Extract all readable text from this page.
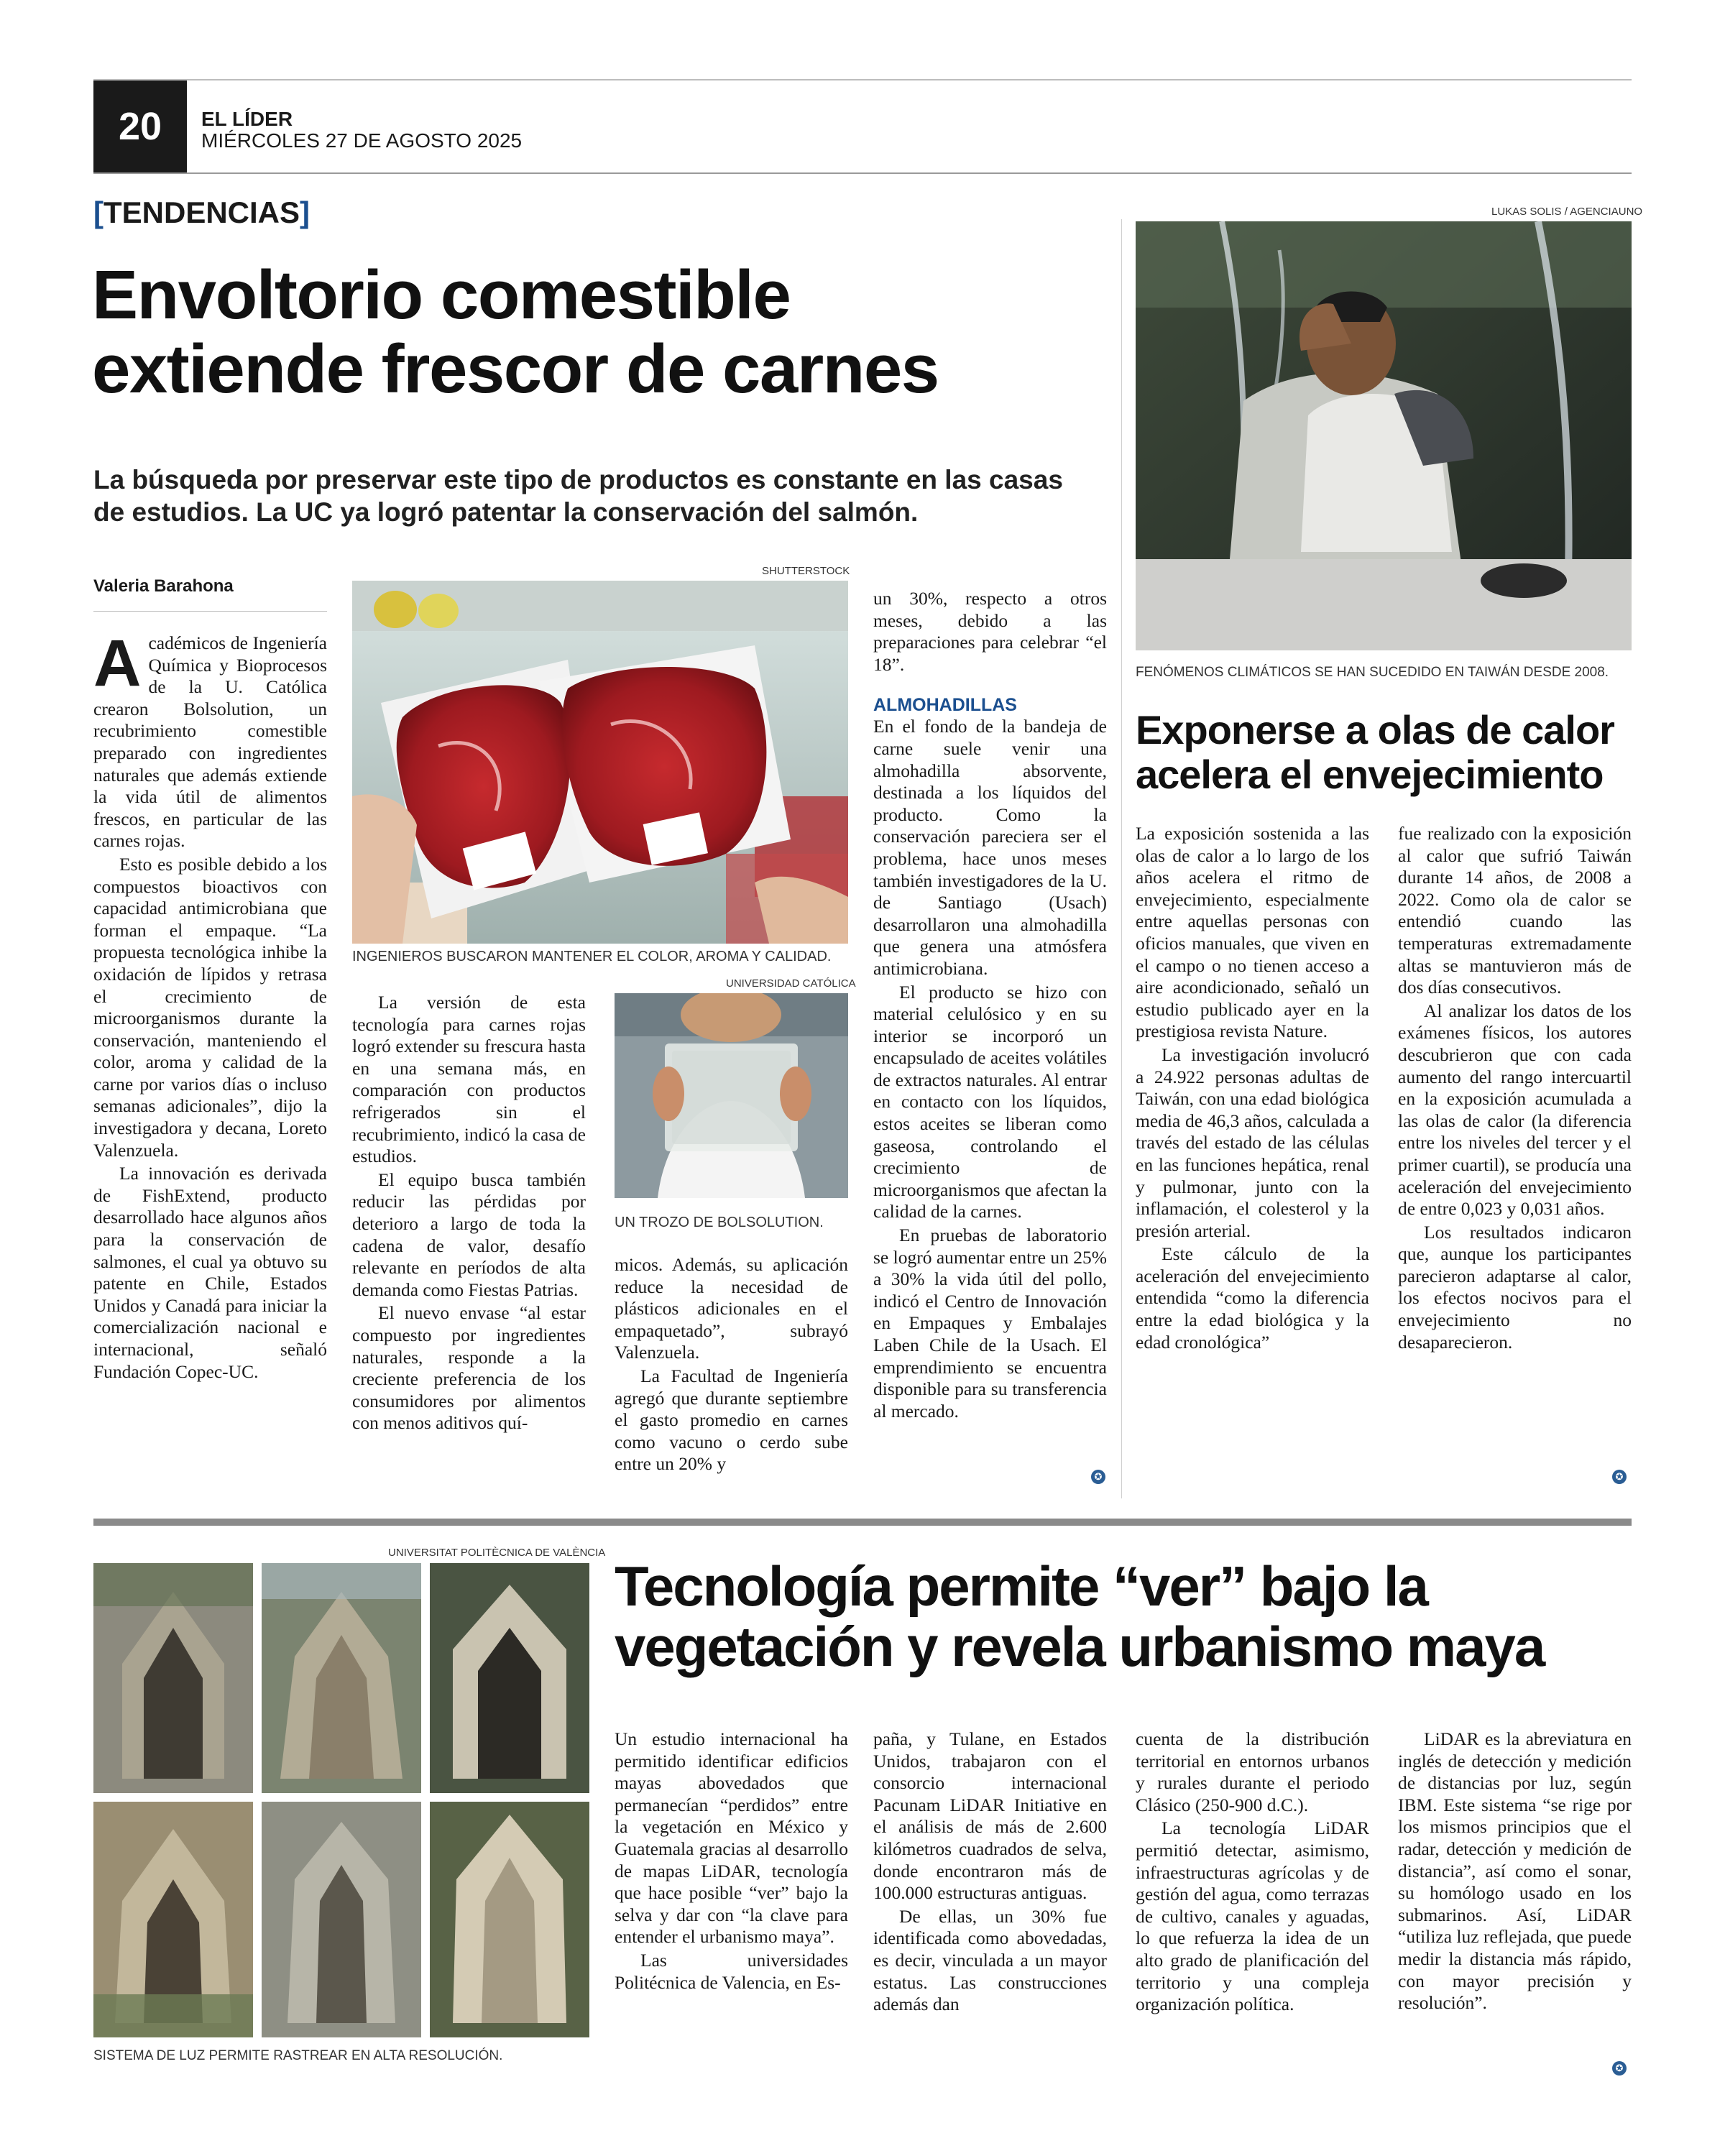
20	EL LÍDER
MIÉRCOLES 27 DE AGOSTO 2025
[TENDENCIAS]
Envoltorio comestible
extiende frescor de carnes
La búsqueda por preservar este tipo de productos es constante en las casas
de estudios. La UC ya logró patentar la conservación del salmón.
Valeria Barahona

Académicos de Ingeniería Química y Bioprocesos de la U. Católica crearon Bolsolution, un recubrimiento comestible preparado con ingredientes naturales que además extiende la vida útil de alimentos frescos, en particular de las carnes rojas.

Esto es posible debido a los compuestos bioactivos con capacidad antimicrobiana que forman el empaque. “La propuesta tecnológica inhibe la oxidación de lípidos y retrasa el crecimiento de microorganismos durante la conservación, manteniendo el color, aroma y calidad de la carne por varios días o incluso semanas adicionales”, dijo la investigadora y decana, Loreto Valenzuela.

La innovación es derivada de FishExtend, producto desarrollado hace algunos años para la conservación de salmones, el cual ya obtuvo su patente en Chile, Estados Unidos y Canadá para iniciar la comercialización nacional e internacional, señaló Fundación Copec-UC.

SHUTTERSTOCK
INGENIEROS BUSCARON MANTENER EL COLOR, AROMA Y CALIDAD.
UNIVERSIDAD CATÓLICA
UN TROZO DE BOLSOLUTION.

La versión de esta tecnología para carnes rojas logró extender su frescura hasta en una semana más, en comparación con productos refrigerados sin el recubrimiento, indicó la casa de estudios.

El equipo busca también reducir las pérdidas por deterioro a largo de toda la cadena de valor, desafío relevante en períodos de alta demanda como Fiestas Patrias.

El nuevo envase “al estar compuesto por ingredientes naturales, responde a la creciente preferencia de los consumidores por alimentos con menos aditivos quí-

micos. Además, su aplicación reduce la necesidad de plásticos adicionales en el empaquetado”, subrayó Valenzuela.

La Facultad de Ingeniería agregó que durante septiembre el gasto promedio en carnes como vacuno o cerdo sube entre un 20% y

un 30%, respecto a otros meses, debido a las preparaciones para celebrar “el 18”.

ALMOHADILLAS

En el fondo de la bandeja de carne suele venir una almohadilla absorvente, destinada a los líquidos del producto. Como la conservación pareciera ser el problema, hace unos meses también investigadores de la U. de Santiago (Usach) desarrollaron una almohadilla que genera una atmósfera antimicrobiana.

El producto se hizo con material celulósico y en su interior se incorporó un encapsulado de aceites volátiles de extractos naturales. Al entrar en contacto con los líquidos, estos aceites se liberan como gaseosa, controlando el crecimiento de microorganismos que afectan la calidad de la carnes.

En pruebas de laboratorio se logró aumentar entre un 25% a 30% la vida útil del pollo, indicó el Centro de Innovación en Empaques y Embalajes Laben Chile de la Usach. El emprendimiento se encuentra disponible para su transferencia al mercado.

✪
LUKAS SOLIS / AGENCIAUNO
FENÓMENOS CLIMÁTICOS SE HAN SUCEDIDO EN TAIWÁN DESDE 2008.
Exponerse a olas de calor
acelera el envejecimiento

La exposición sostenida a las olas de calor a lo largo de los años acelera el ritmo de envejecimiento, especialmente entre aquellas personas con oficios manuales, que viven en el campo o no tienen acceso a aire acondicionado, señaló un estudio publicado ayer en la prestigiosa revista Nature.

La investigación involucró a 24.922 personas adultas de Taiwán, con una edad biológica media de 46,3 años, calculada a través del estado de las células en las funciones hepática, renal y pulmonar, junto con la inflamación, el colesterol y la presión arterial.

Este cálculo de la aceleración del envejecimiento entendida “como la diferencia entre la edad biológica y la edad cronológica”

fue realizado con la exposición al calor que sufrió Taiwán durante 14 años, de 2008 a 2022. Como ola de calor se entendió cuando las temperaturas extremadamente altas se mantuvieron más de dos días consecutivos.

Al analizar los datos de los exámenes físicos, los autores descubrieron que con cada aumento del rango intercuartil en la exposición acumulada a las olas de calor (la diferencia entre los niveles del tercer y el primer cuartil), se producía una aceleración del envejecimiento de entre 0,023 y 0,031 años.

Los resultados indicaron que, aunque los participantes parecieron adaptarse al calor, los efectos nocivos para el envejecimiento no desaparecieron.

✪
UNIVERSITAT POLITÈCNICA DE VALÈNCIA
SISTEMA DE LUZ PERMITE RASTREAR EN ALTA RESOLUCIÓN.
Tecnología permite “ver” bajo la
vegetación y revela urbanismo maya

Un estudio internacional ha permitido identificar edificios mayas abovedados que permanecían “perdidos” entre la vegetación en México y Guatemala gracias al desarrollo de mapas LiDAR, tecnología que hace posible “ver” bajo la selva y dar con “la clave para entender el urbanismo maya”.

Las universidades Politécnica de Valencia, en Es-

paña, y Tulane, en Estados Unidos, trabajaron con el consorcio internacional Pacunam LiDAR Initiative en el análisis de más de 2.600 kilómetros cuadrados de selva, donde encontraron más de 100.000 estructuras antiguas.

De ellas, un 30% fue identificada como abovedadas, es decir, vinculada a un mayor estatus. Las construcciones además dan

cuenta de la distribución territorial en entornos urbanos y rurales durante el periodo Clásico (250-900 d.C.).

La tecnología LiDAR permitió detectar, asimismo, infraestructuras agrícolas y de gestión del agua, como terrazas de cultivo, canales y aguadas, lo que refuerza la idea de un alto grado de planificación del territorio y una compleja organización política.

LiDAR es la abreviatura en inglés de detección y medición de distancias por luz, según IBM. Este sistema “se rige por los mismos principios que el radar, detección y medición de distancia”, así como el sonar, su homólogo usado en los submarinos. Así, LiDAR “utiliza luz reflejada, que puede medir la distancia más rápido, con mayor precisión y resolución”.

✪
